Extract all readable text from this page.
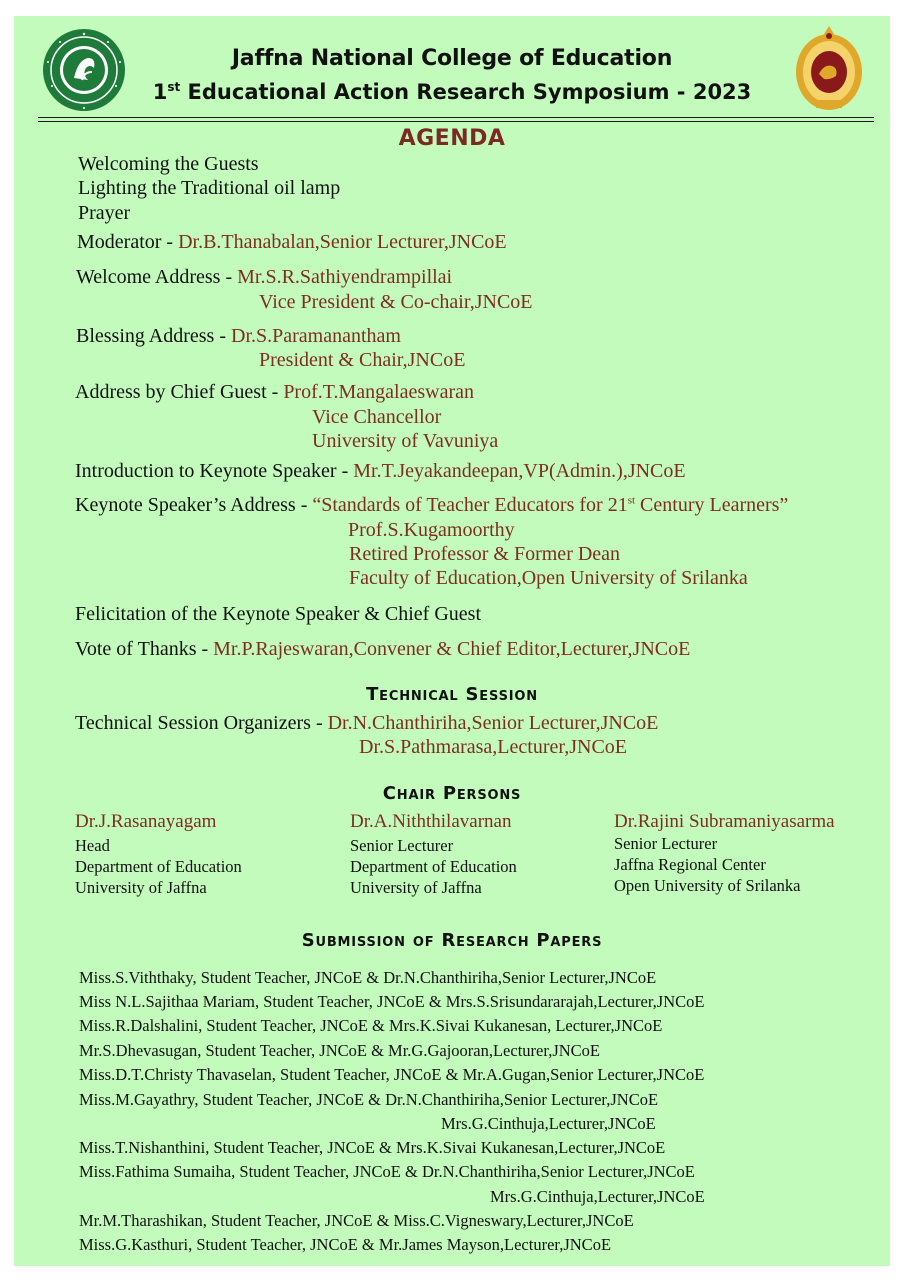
Jaffna National College of Education
1st Educational Action Research Symposium - 2023
AGENDA
Welcoming the Guests
Lighting the Traditional oil lamp
Prayer
Moderator - Dr.B.Thanabalan,Senior Lecturer,JNCoE
Welcome Address - Mr.S.R.Sathiyendrampillai
Vice President & Co-chair,JNCoE
Blessing Address - Dr.S.Paramanantham
President & Chair,JNCoE
Address by Chief Guest - Prof.T.Mangalaeswaran
Vice Chancellor
University of Vavuniya
Introduction to Keynote Speaker - Mr.T.Jeyakandeepan,VP(Admin.),JNCoE
Keynote Speaker’s Address - “Standards of Teacher Educators for 21st Century Learners”
Prof.S.Kugamoorthy
Retired Professor & Former Dean
Faculty of Education,Open University of Srilanka
Felicitation of the Keynote Speaker & Chief Guest
Vote of Thanks - Mr.P.Rajeswaran,Convener & Chief Editor,Lecturer,JNCoE
Technical Session
Technical Session Organizers - Dr.N.Chanthiriha,Senior Lecturer,JNCoE
Dr.S.Pathmarasa,Lecturer,JNCoE
Chair Persons
Dr.J.Rasanayagam
Head
Department of Education
University of Jaffna
Dr.A.Niththilavarnan
Senior Lecturer
Department of Education
University of Jaffna
Dr.Rajini Subramaniyasarma
Senior Lecturer
Jaffna Regional Center
Open University of Srilanka
Submission of Research Papers
Miss.S.Viththaky, Student Teacher, JNCoE & Dr.N.Chanthiriha,Senior Lecturer,JNCoE
Miss N.L.Sajithaa Mariam, Student Teacher, JNCoE & Mrs.S.Srisundararajah,Lecturer,JNCoE
Miss.R.Dalshalini, Student Teacher, JNCoE & Mrs.K.Sivai Kukanesan, Lecturer,JNCoE
Mr.S.Dhevasugan, Student Teacher, JNCoE & Mr.G.Gajooran,Lecturer,JNCoE
Miss.D.T.Christy Thavaselan, Student Teacher, JNCoE & Mr.A.Gugan,Senior Lecturer,JNCoE
Miss.M.Gayathry, Student Teacher, JNCoE & Dr.N.Chanthiriha,Senior Lecturer,JNCoE
Mrs.G.Cinthuja,Lecturer,JNCoE
Miss.T.Nishanthini, Student Teacher, JNCoE & Mrs.K.Sivai Kukanesan,Lecturer,JNCoE
Miss.Fathima Sumaiha, Student Teacher, JNCoE & Dr.N.Chanthiriha,Senior Lecturer,JNCoE
Mrs.G.Cinthuja,Lecturer,JNCoE
Mr.M.Tharashikan, Student Teacher, JNCoE & Miss.C.Vigneswary,Lecturer,JNCoE
Miss.G.Kasthuri, Student Teacher, JNCoE & Mr.James Mayson,Lecturer,JNCoE
